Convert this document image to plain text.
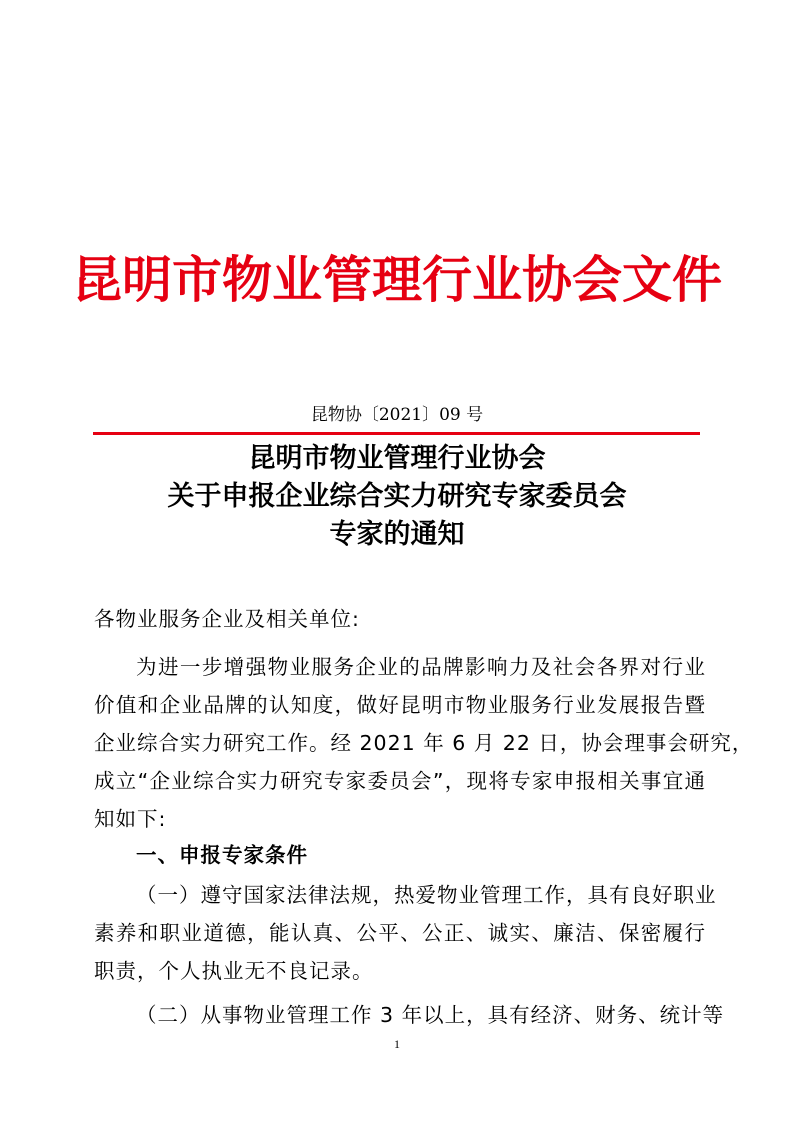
昆明市物业管理行业协会文件
昆物协〔2021〕09 号
昆明市物业管理行业协会
关于申报企业综合实力研究专家委员会
专家的通知
各物业服务企业及相关单位:
为进一步增强物业服务企业的品牌影响力及社会各界对行业
价值和企业品牌的认知度，做好昆明市物业服务行业发展报告暨
企业综合实力研究工作。经 2021 年 6 月 22 日，协会理事会研究，
成立“企业综合实力研究专家委员会”，现将专家申报相关事宜通
知如下:
一、申报专家条件
（一）遵守国家法律法规，热爱物业管理工作，具有良好职业
素养和职业道德，能认真、公平、公正、诚实、廉洁、保密履行
职责，个人执业无不良记录。
（二）从事物业管理工作 3 年以上，具有经济、财务、统计等
1
